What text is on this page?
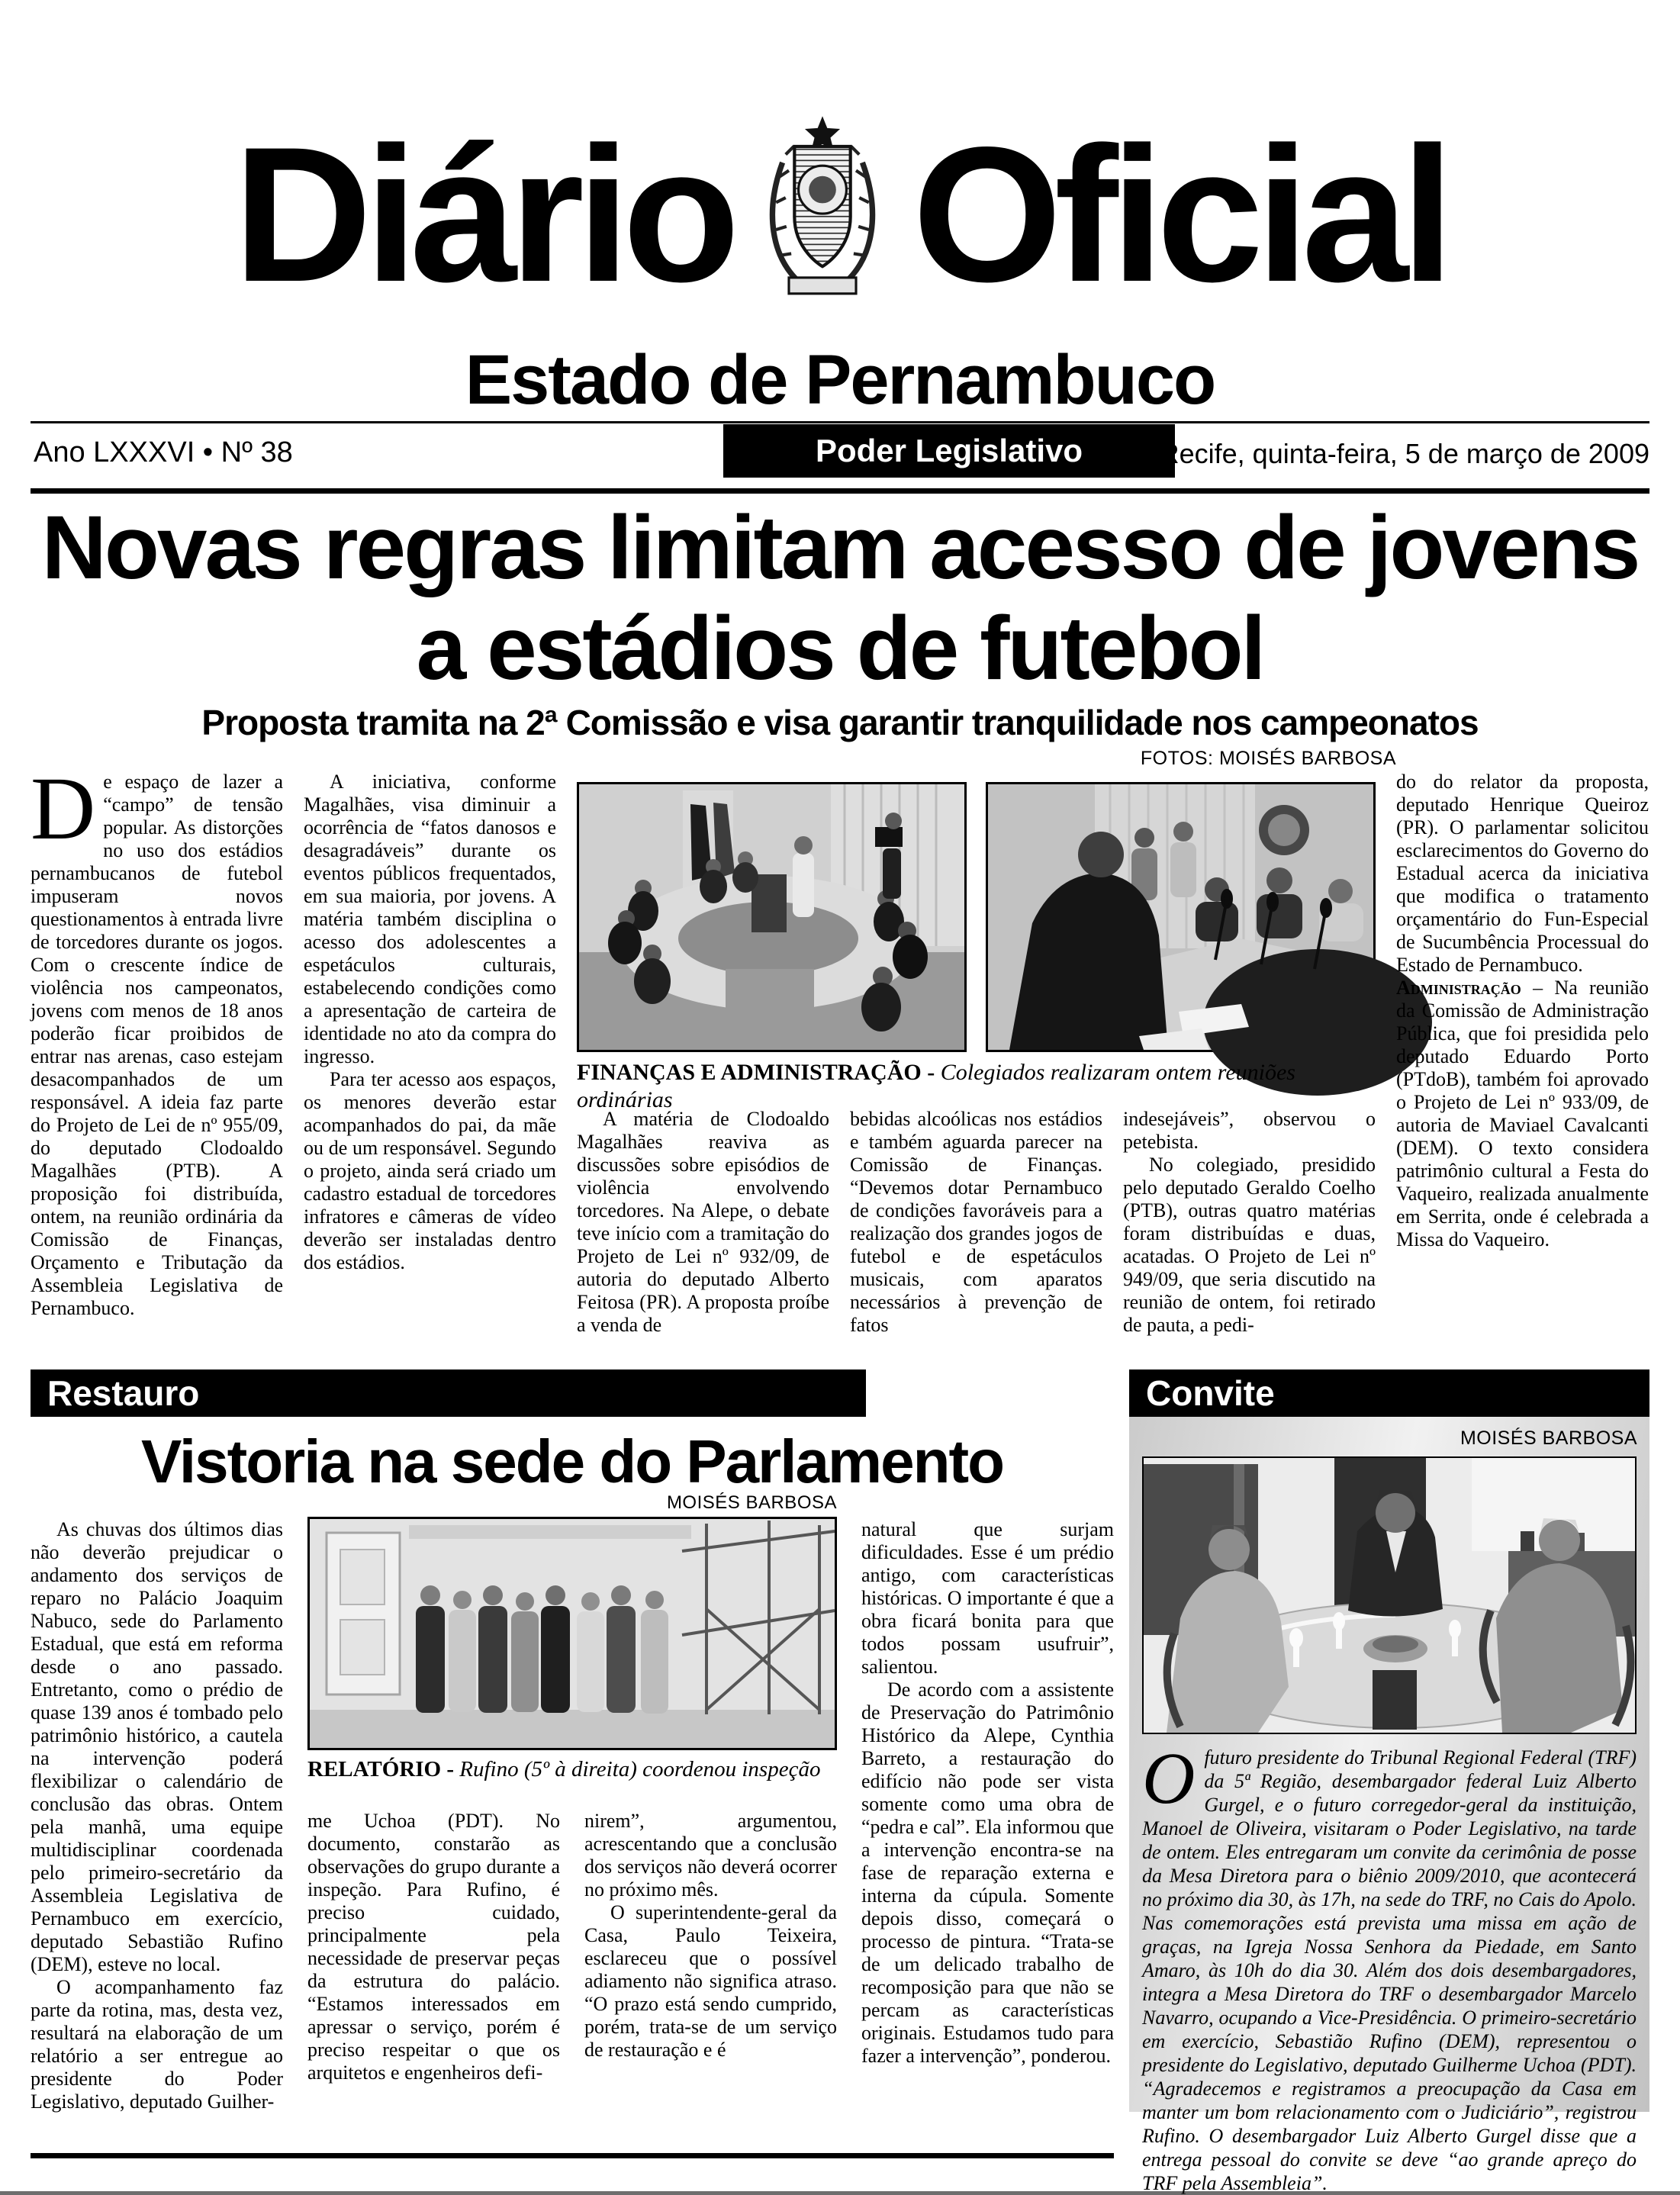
Diário Oficial
Estado de Pernambuco
Ano LXXXVI • Nº 38	Poder Legislativo	Recife, quinta-feira, 5 de março de 2009
Novas regras limitam acesso de jovens a estádios de futebol
Proposta tramita na 2ª Comissão e visa garantir tranquilidade nos campeonatos
FOTOS: MOISÉS BARBOSA

De espaço de lazer a “campo” de tensão popular. As distorções no uso dos estádios pernambucanos de futebol impuseram novos questionamentos à entrada livre de torcedores durante os jogos. Com o crescente índice de violência nos campeonatos, jovens com menos de 18 anos poderão ficar proibidos de entrar nas arenas, caso estejam desacompanhados de um responsável. A ideia faz parte do Projeto de Lei de nº 955/09, do deputado Clodoaldo Magalhães (PTB). A proposição foi distribuída, ontem, na reunião ordinária da Comissão de Finanças, Orçamento e Tributação da Assembleia Legislativa de Pernambuco.

A iniciativa, conforme Magalhães, visa diminuir a ocorrência de “fatos danosos e desagradáveis” durante os eventos públicos frequentados, em sua maioria, por jovens. A matéria também disciplina o acesso dos adolescentes a espetáculos culturais, estabelecendo condições como a apresentação de carteira de identidade no ato da compra do ingresso.

Para ter acesso aos espaços, os menores deverão estar acompanhados do pai, da mãe ou de um responsável. Segundo o projeto, ainda será criado um cadastro estadual de torcedores infratores e câmeras de vídeo deverão ser instaladas dentro dos estádios.

FINANÇAS E ADMINISTRAÇÃO - Colegiados realizaram ontem reuniões ordinárias

A matéria de Clodoaldo Magalhães reaviva as discussões sobre episódios de violência envolvendo torcedores. Na Alepe, o debate teve início com a tramitação do Projeto de Lei nº 932/09, de autoria do deputado Alberto Feitosa (PR). A proposta proíbe a venda de

bebidas alcoólicas nos estádios e também aguarda parecer na Comissão de Finanças. “Devemos dotar Pernambuco de condições favoráveis para a realização dos grandes jogos de futebol e de espetáculos musicais, com aparatos necessários à prevenção de fatos

indesejáveis”, observou o petebista.

No colegiado, presidido pelo deputado Geraldo Coelho (PTB), outras quatro matérias foram distribuídas e duas, acatadas. O Projeto de Lei nº 949/09, que seria discutido na reunião de ontem, foi retirado de pauta, a pedi-

do do relator da proposta, deputado Henrique Queiroz (PR). O parlamentar solicitou esclarecimentos do Governo do Estadual acerca da iniciativa que modifica o tratamento orçamentário do Fun-Especial de Sucumbência Processual do Estado de Pernambuco.

Administração – Na reunião da Comissão de Administração Pública, que foi presidida pelo deputado Eduardo Porto (PTdoB), também foi aprovado o Projeto de Lei nº 933/09, de autoria de Maviael Cavalcanti (DEM). O texto considera patrimônio cultural a Festa do Vaqueiro, realizada anualmente em Serrita, onde é celebrada a Missa do Vaqueiro.

Restauro
Vistoria na sede do Parlamento
MOISÉS BARBOSA

As chuvas dos últimos dias não deverão prejudicar o andamento dos serviços de reparo no Palácio Joaquim Nabuco, sede do Parlamento Estadual, que está em reforma desde o ano passado. Entretanto, como o prédio de quase 139 anos é tombado pelo patrimônio histórico, a cautela na intervenção poderá flexibilizar o calendário de conclusão das obras. Ontem pela manhã, uma equipe multidisciplinar coordenada pelo primeiro-secretário da Assembleia Legislativa de Pernambuco em exercício, deputado Sebastião Rufino (DEM), esteve no local.

O acompanhamento faz parte da rotina, mas, desta vez, resultará na elaboração de um relatório a ser entregue ao presidente do Poder Legislativo, deputado Guilher-

RELATÓRIO - Rufino (5º à direita) coordenou inspeção

me Uchoa (PDT). No documento, constarão as observações do grupo durante a inspeção. Para Rufino, é preciso cuidado, principalmente pela necessidade de preservar peças da estrutura do palácio. “Estamos interessados em apressar o serviço, porém é preciso respeitar o que os arquitetos e engenheiros defi-

nirem”, argumentou, acrescentando que a conclusão dos serviços não deverá ocorrer no próximo mês.

O superintendente-geral da Casa, Paulo Teixeira, esclareceu que o possível adiamento não significa atraso. “O prazo está sendo cumprido, porém, trata-se de um serviço de restauração e é

natural que surjam dificuldades. Esse é um prédio antigo, com características históricas. O importante é que a obra ficará bonita para que todos possam usufruir”, salientou.

De acordo com a assistente de Preservação do Patrimônio Histórico da Alepe, Cynthia Barreto, a restauração do edifício não pode ser vista somente como uma obra de “pedra e cal”. Ela informou que a intervenção encontra-se na fase de reparação externa e interna da cúpula. Somente depois disso, começará o processo de pintura. “Trata-se de um delicado trabalho de recomposição para que não se percam as características originais. Estudamos tudo para fazer a intervenção”, ponderou.

Convite
MOISÉS BARBOSA
Ofuturo presidente do Tribunal Regional Federal (TRF) da 5ª Região, desembargador federal Luiz Alberto Gurgel, e o futuro corregedor-geral da instituição, Manoel de Oliveira, visitaram o Poder Legislativo, na tarde de ontem. Eles entregaram um convite da cerimônia de posse da Mesa Diretora para o biênio 2009/2010, que acontecerá no próximo dia 30, às 17h, na sede do TRF, no Cais do Apolo. Nas comemorações está prevista uma missa em ação de graças, na Igreja Nossa Senhora da Piedade, em Santo Amaro, às 10h do dia 30. Além dos dois desembargadores, integra a Mesa Diretora do TRF o desembargador Marcelo Navarro, ocupando a Vice-Presidência. O primeiro-secretário em exercício, Sebastião Rufino (DEM), representou o presidente do Legislativo, deputado Guilherme Uchoa (PDT). “Agradecemos e registramos a preocupação da Casa em manter um bom relacionamento com o Judiciário”, registrou Rufino. O desembargador Luiz Alberto Gurgel disse que a entrega pessoal do convite se deve “ao grande apreço do TRF pela Assembleia”.
